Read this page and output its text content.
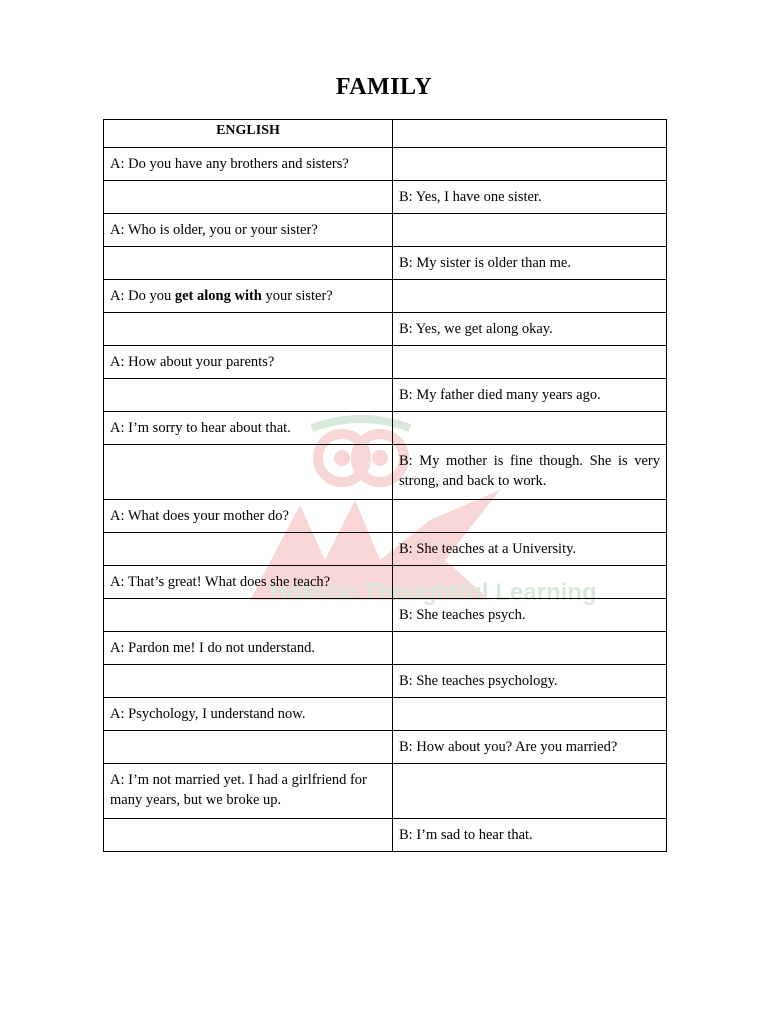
FAMILY
Holistic Thoughtful Learning
ENGLISH	
A: Do you have any brothers and sisters?	
	B: Yes, I have one sister.
A: Who is older, you or your sister?	
	B: My sister is older than me.
A: Do you get along with your sister?	
	B: Yes, we get along okay.
A: How about your parents?	
	B: My father died many years ago.
A: I’m sorry to hear about that.	
	B: My mother is fine though. She is very strong, and back to work.
A: What does your mother do?	
	B: She teaches at a University.
A: That’s great! What does she teach?	
	B: She teaches psych.
A: Pardon me! I do not understand.	
	B: She teaches psychology.
A: Psychology, I understand now.	
	B: How about you? Are you married?
A: I’m not married yet. I had a girlfriend for many years, but we broke up.	
	B: I’m sad to hear that.
